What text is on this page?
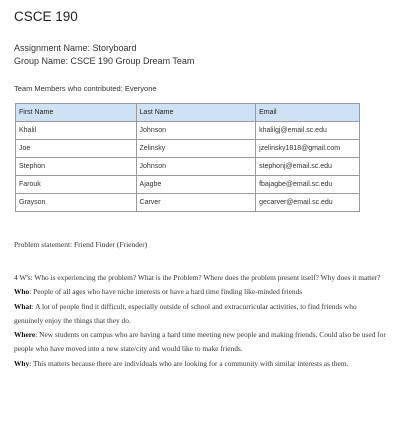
CSCE 190
Assignment Name: Storyboard
Group Name: CSCE 190 Group Dream Team
Team Members who contributed: Everyone
First Name	Last Name	Email
Khalil	Johnson	khalilgj@email.sc.edu
Joe	Zelinsky	jzelinsky1818@gmail.com
Stephon	Johnson	stephonj@email.sc.edu
Farouk	Ajagbe	fbajagbe@email.sc.edu
Grayson	Carver	gecarver@email.sc.edu
Problem statement: Friend Finder (Friender)

4 W's: Who is experiencing the problem? What is the Problem? Where does the problem present itself? Why does it matter?

Who: People of all ages who have niche interests or have a hard time finding like-minded friends

What: A lot of people find it difficult, especially outside of school and extracurricular activities, to find friends who genuinely enjoy the things that they do.

Where: New students on campus who are having a hard time meeting new people and making friends. Could also be used for people who have moved into a new state/city and would like to make friends.

Why: This matters because there are individuals who are looking for a community with similar interests as them.
